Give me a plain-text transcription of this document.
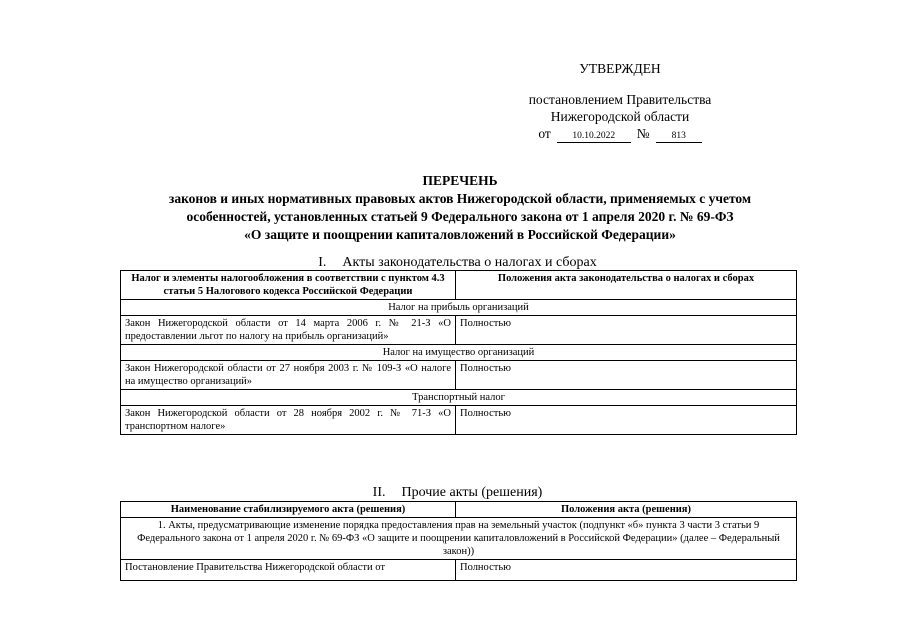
УТВЕРЖДЕН
постановлением Правительства
Нижегородской области
от	10.10.2022	№	813
ПЕРЕЧЕНЬ
законов и иных нормативных правовых актов Нижегородской области, применяемых с учетом
особенностей, установленных статьей 9 Федерального закона от 1 апреля 2020 г. № 69-ФЗ
«О защите и поощрении капиталовложений в Российской Федерации»
I. Акты законодательства о налогах и сборах
Налог и элементы налогообложения в соответствии с пунктом 4.3 статьи 5 Налогового кодекса Российской Федерации	Положения акта законодательства о налогах и сборах
Налог на прибыль организаций	
Закон Нижегородской области от 14 марта 2006 г. № 21-З «О предоставлении льгот по налогу на прибыль организаций»	Полностью
Налог на имущество организаций	
Закон Нижегородской области от 27 ноября 2003 г. № 109-З «О налоге на имущество организаций»	Полностью
Транспортный налог	
Закон Нижегородской области от 28 ноября 2002 г. № 71-З «О транспортном налоге»	Полностью
II. Прочие акты (решения)
Наименование стабилизируемого акта (решения)	Положения акта (решения)
1. Акты, предусматривающие изменение порядка предоставления прав на земельный участок (подпункт «б» пункта 3 части 3 статьи 9 Федерального закона от 1 апреля 2020 г. № 69-ФЗ «О защите и поощрении капиталовложений в Российской Федерации» (далее – Федеральный закон))	
Постановление Правительства Нижегородской области от	Полностью
